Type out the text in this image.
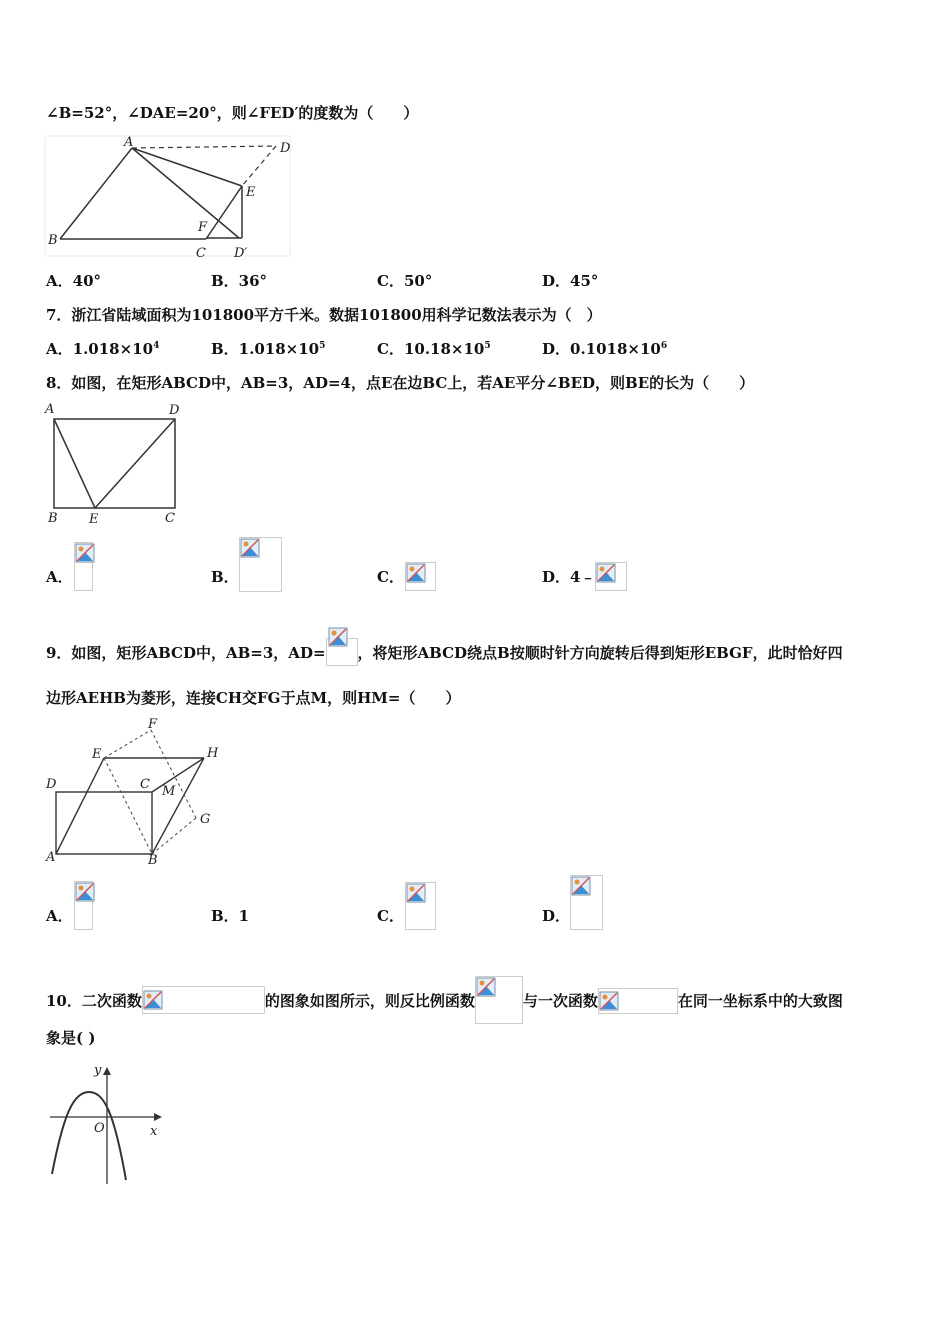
∠B=52°，∠DAE=20°，则∠FED′的度数为（　　）
A	D
E
F
B
C D′
A．40°	B．36°	C．50°	D．45°
7．浙江省陆域面积为101800平方千米。数据101800用科学记数法表示为（　）
A．$1.018\times 10^4$	B．$1.018\times 10^5$	C．$10.18\times 10^5$	D．$0.1018\times 10^6$
8．如图，在矩形ABCD中，AB=3，AD=4，点E在边BC上，若AE平分∠BED，则BE的长为（　　）
A	D
B E	C
A．	B．	C．	D．4﹣
9．如图，矩形ABCD中，AB=3，AD= ，将矩形ABCD绕点B按顺时针方向旋转后得到矩形EBGF，此时恰好四
边形AEHB为菱形，连接CH交FG于点M，则HM=（　　）
F
E	H
D	C M
G
A	B
A．	B．1	C．	D．
10．二次函数	的图象如图所示，则反比例函数	与一次函数	在同一坐标系中的大致图
象是( )
y
O	x
